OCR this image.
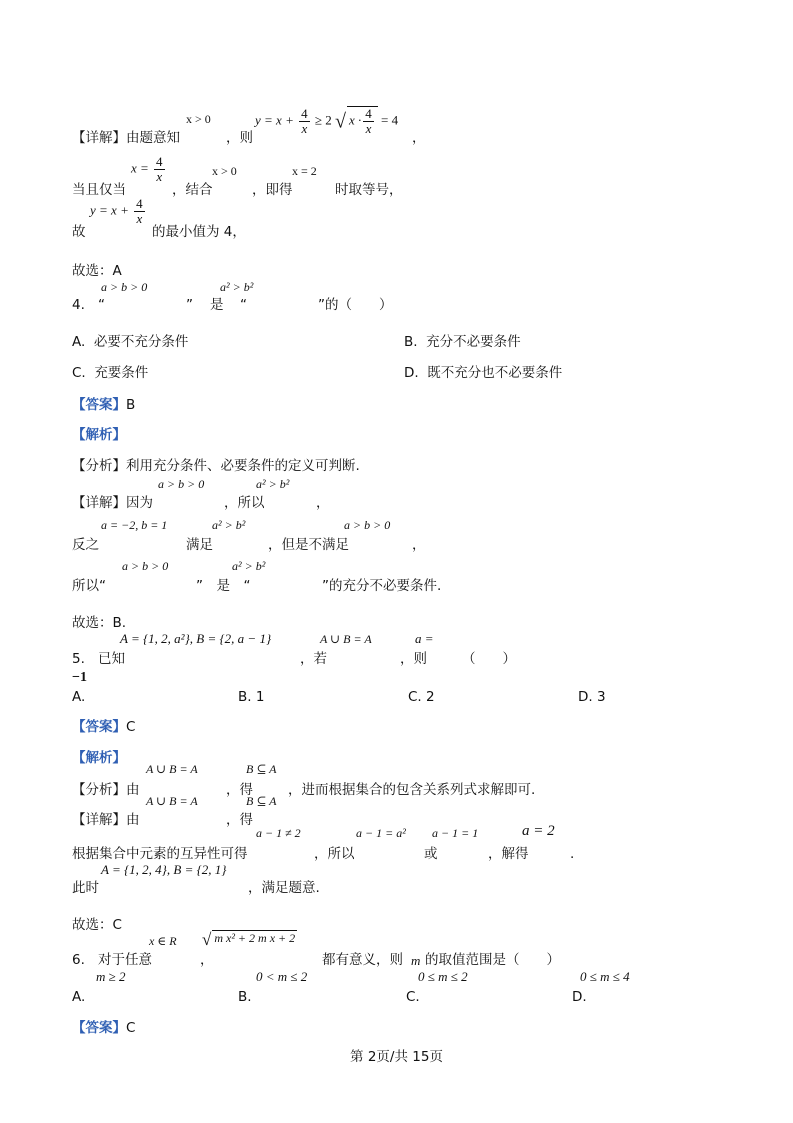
【详解】由题意知
x > 0
，则
$y = x + \frac{4}{x} \ge 2$ √ $x \cdot \frac{4}{x} = 4$
，
当且仅当
$x = \frac{4}{x}$
，结合
x > 0
，即得
x = 2
时取等号，
故
$y = x + \frac{4}{x}$
的最小值为 4，
故选：A
a > b > 0	a² > b²
4. “	” 是 “	”的（　　）
A. 必要不充分条件	B. 充分不必要条件
C. 充要条件	D. 既不充分也不必要条件
【答案】B
【解析】
【分析】利用充分条件、必要条件的定义可判断.
a > b > 0	a² > b²
【详解】因为	，所以	，
a = −2, b = 1	a² > b²	a > b > 0
反之	满足	，但是不满足	，
a > b > 0	a² > b²
所以“	”　是　“	”的充分不必要条件.
故选：B.
A = {1, 2, a²}, B = {2, a − 1}	A ∪ B = A	a =
5. 已知	，若	，则	（　　）
−1
A.	B. 1	C. 2	D. 3
【答案】C
【解析】
A ∪ B = A	B ⊆ A
【分析】由	，得	，进而根据集合的包含关系列式求解即可.
A ∪ B = A	B ⊆ A
【详解】由	，得
a − 1 ≠ 2	a − 1 = a² a − 1 = 1	a = 2
根据集合中元素的互异性可得	，所以	或	，解得	.
A = {1, 2, 4}, B = {2, 1}
此时	，满足题意.
故选：C
x ∈ R √ m x² + 2 m x + 2
6. 对于任意	，	都有意义，则 m 的取值范围是（　　）
m ≥ 2	0 < m ≤ 2	0 ≤ m ≤ 2	0 ≤ m ≤ 4
A.	B.	C.	D.
【答案】C
第 2页/共 15页
